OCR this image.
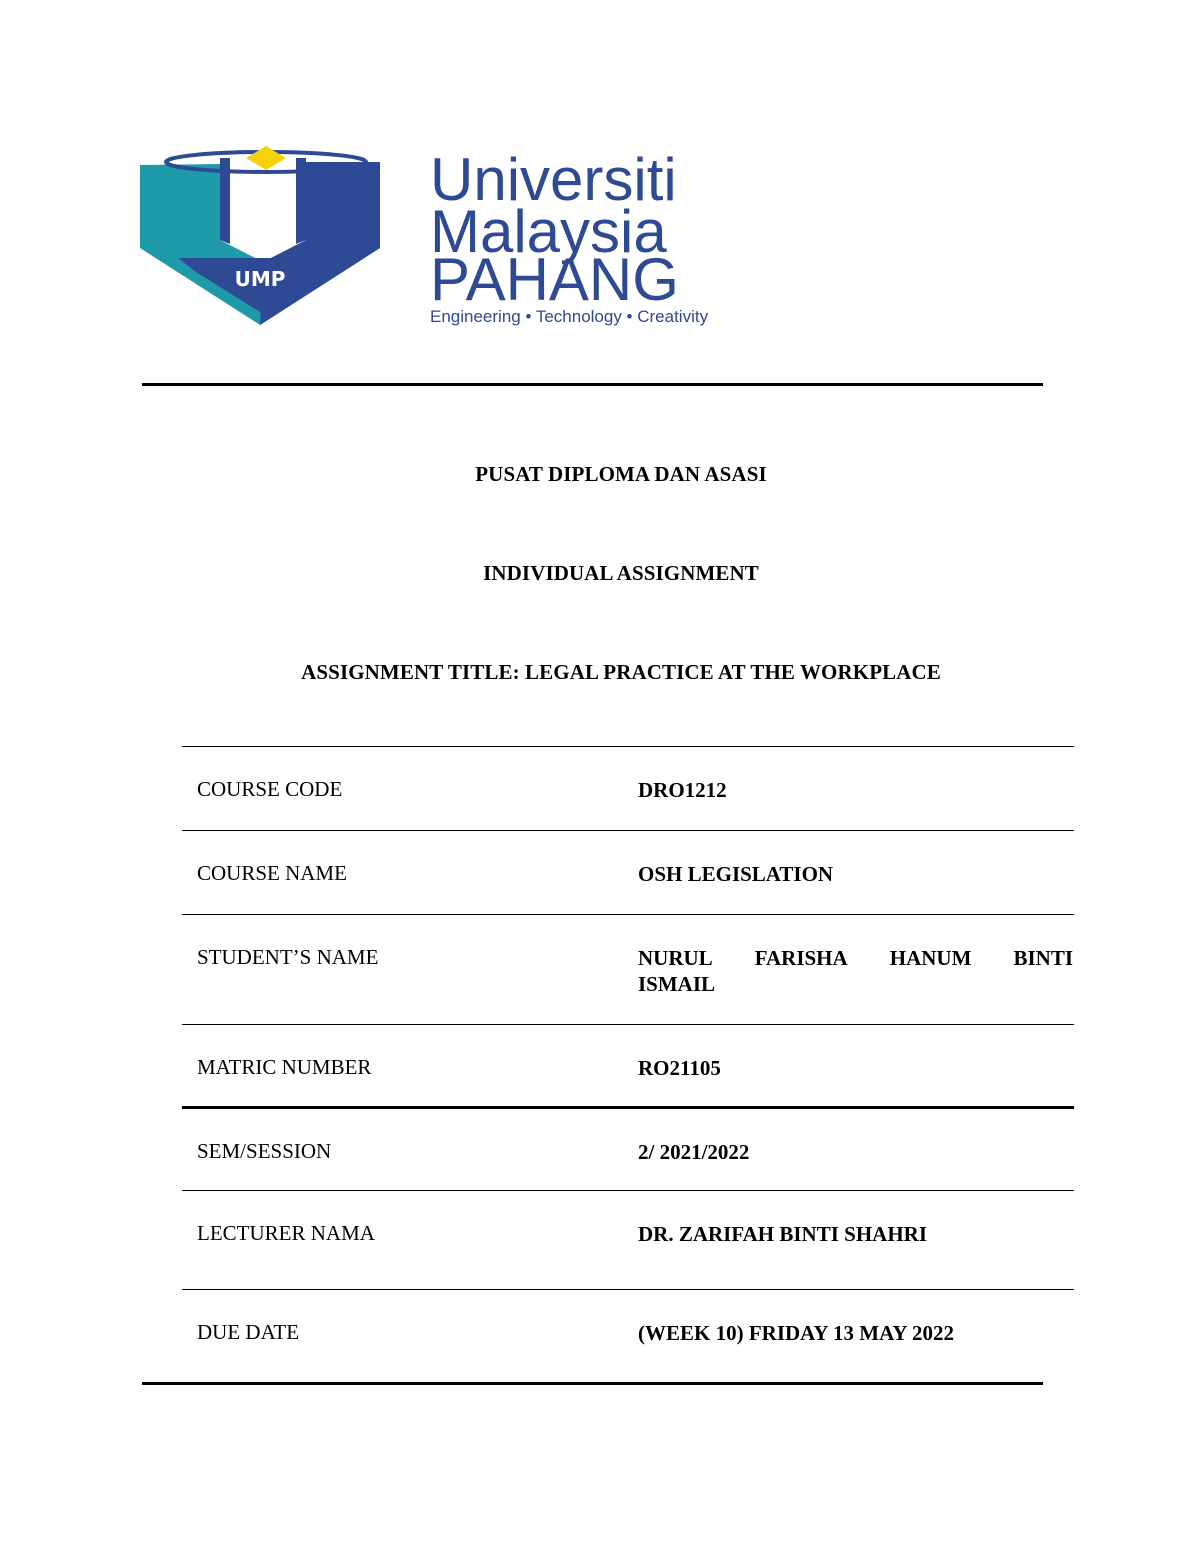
UMP
Universiti
Malaysia
PAHANG
Engineering • Technology • Creativity
PUSAT DIPLOMA DAN ASASI
INDIVIDUAL ASSIGNMENT
ASSIGNMENT TITLE: LEGAL PRACTICE AT THE WORKPLACE
COURSE CODE	DRO1212
COURSE NAME	OSH LEGISLATION
STUDENT’S NAME	NURUL FARISHA HANUM BINTI
ISMAIL
MATRIC NUMBER	RO21105
SEM/SESSION	2/ 2021/2022
LECTURER NAMA	DR. ZARIFAH BINTI SHAHRI
DUE DATE	(WEEK 10) FRIDAY 13 MAY 2022
